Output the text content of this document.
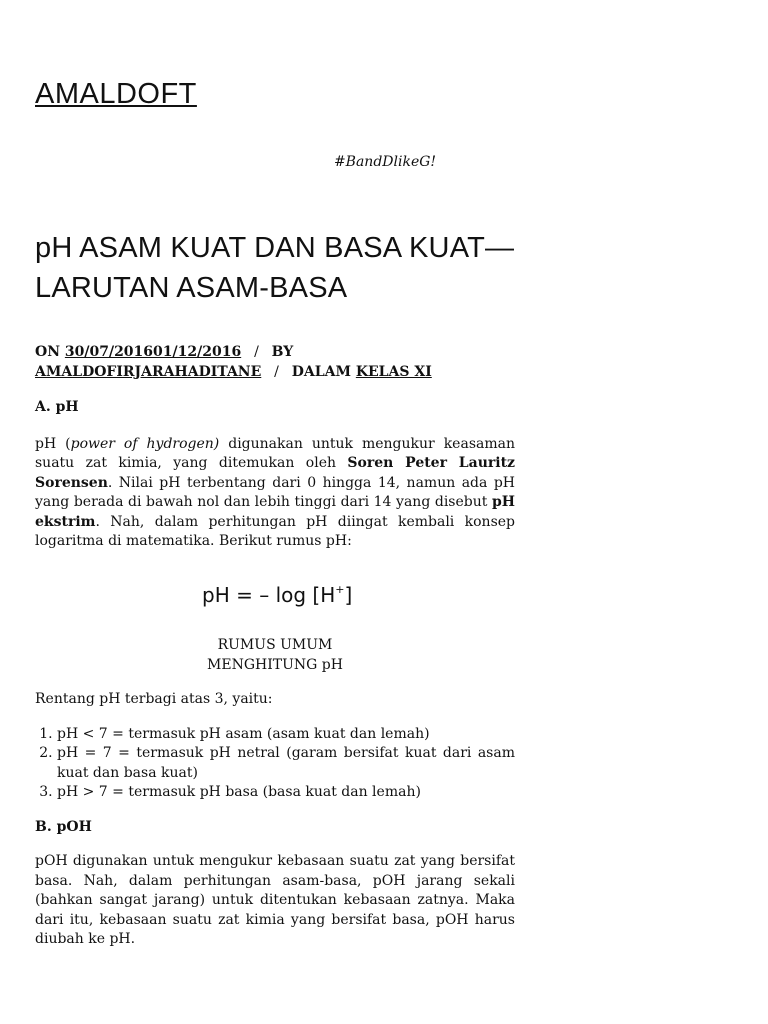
AMALDOFT
#BandDlikeG!
pH ASAM KUAT DAN BASA KUAT—LARUTAN ASAM-BASA
ON 30/07/201601/12/2016 / BY
AMALDOFIRJARAHADITANE / DALAM KELAS XI

A. pH

pH (power of hydrogen) digunakan untuk mengukur keasaman suatu zat kimia, yang ditemukan oleh Soren Peter Lauritz Sorensen. Nilai pH terbentang dari 0 hingga 14, namun ada pH yang berada di bawah nol dan lebih tinggi dari 14 yang disebut pH ekstrim. Nah, dalam perhitungan pH diingat kembali konsep logaritma di matematika. Berikut rumus pH:

pH = – log [H+]
RUMUS UMUM
MENGHITUNG pH

Rentang pH terbagi atas 3, yaitu:

1. pH < 7 = termasuk pH asam (asam kuat dan lemah)
2. pH = 7 = termasuk pH netral (garam bersifat kuat dari asam kuat dan basa kuat)
3. pH > 7 = termasuk pH basa (basa kuat dan lemah)

B. pOH

pOH digunakan untuk mengukur kebasaan suatu zat yang bersifat basa. Nah, dalam perhitungan asam-basa, pOH jarang sekali (bahkan sangat jarang) untuk ditentukan kebasaan zatnya. Maka dari itu, kebasaan suatu zat kimia yang bersifat basa, pOH harus diubah ke pH.
